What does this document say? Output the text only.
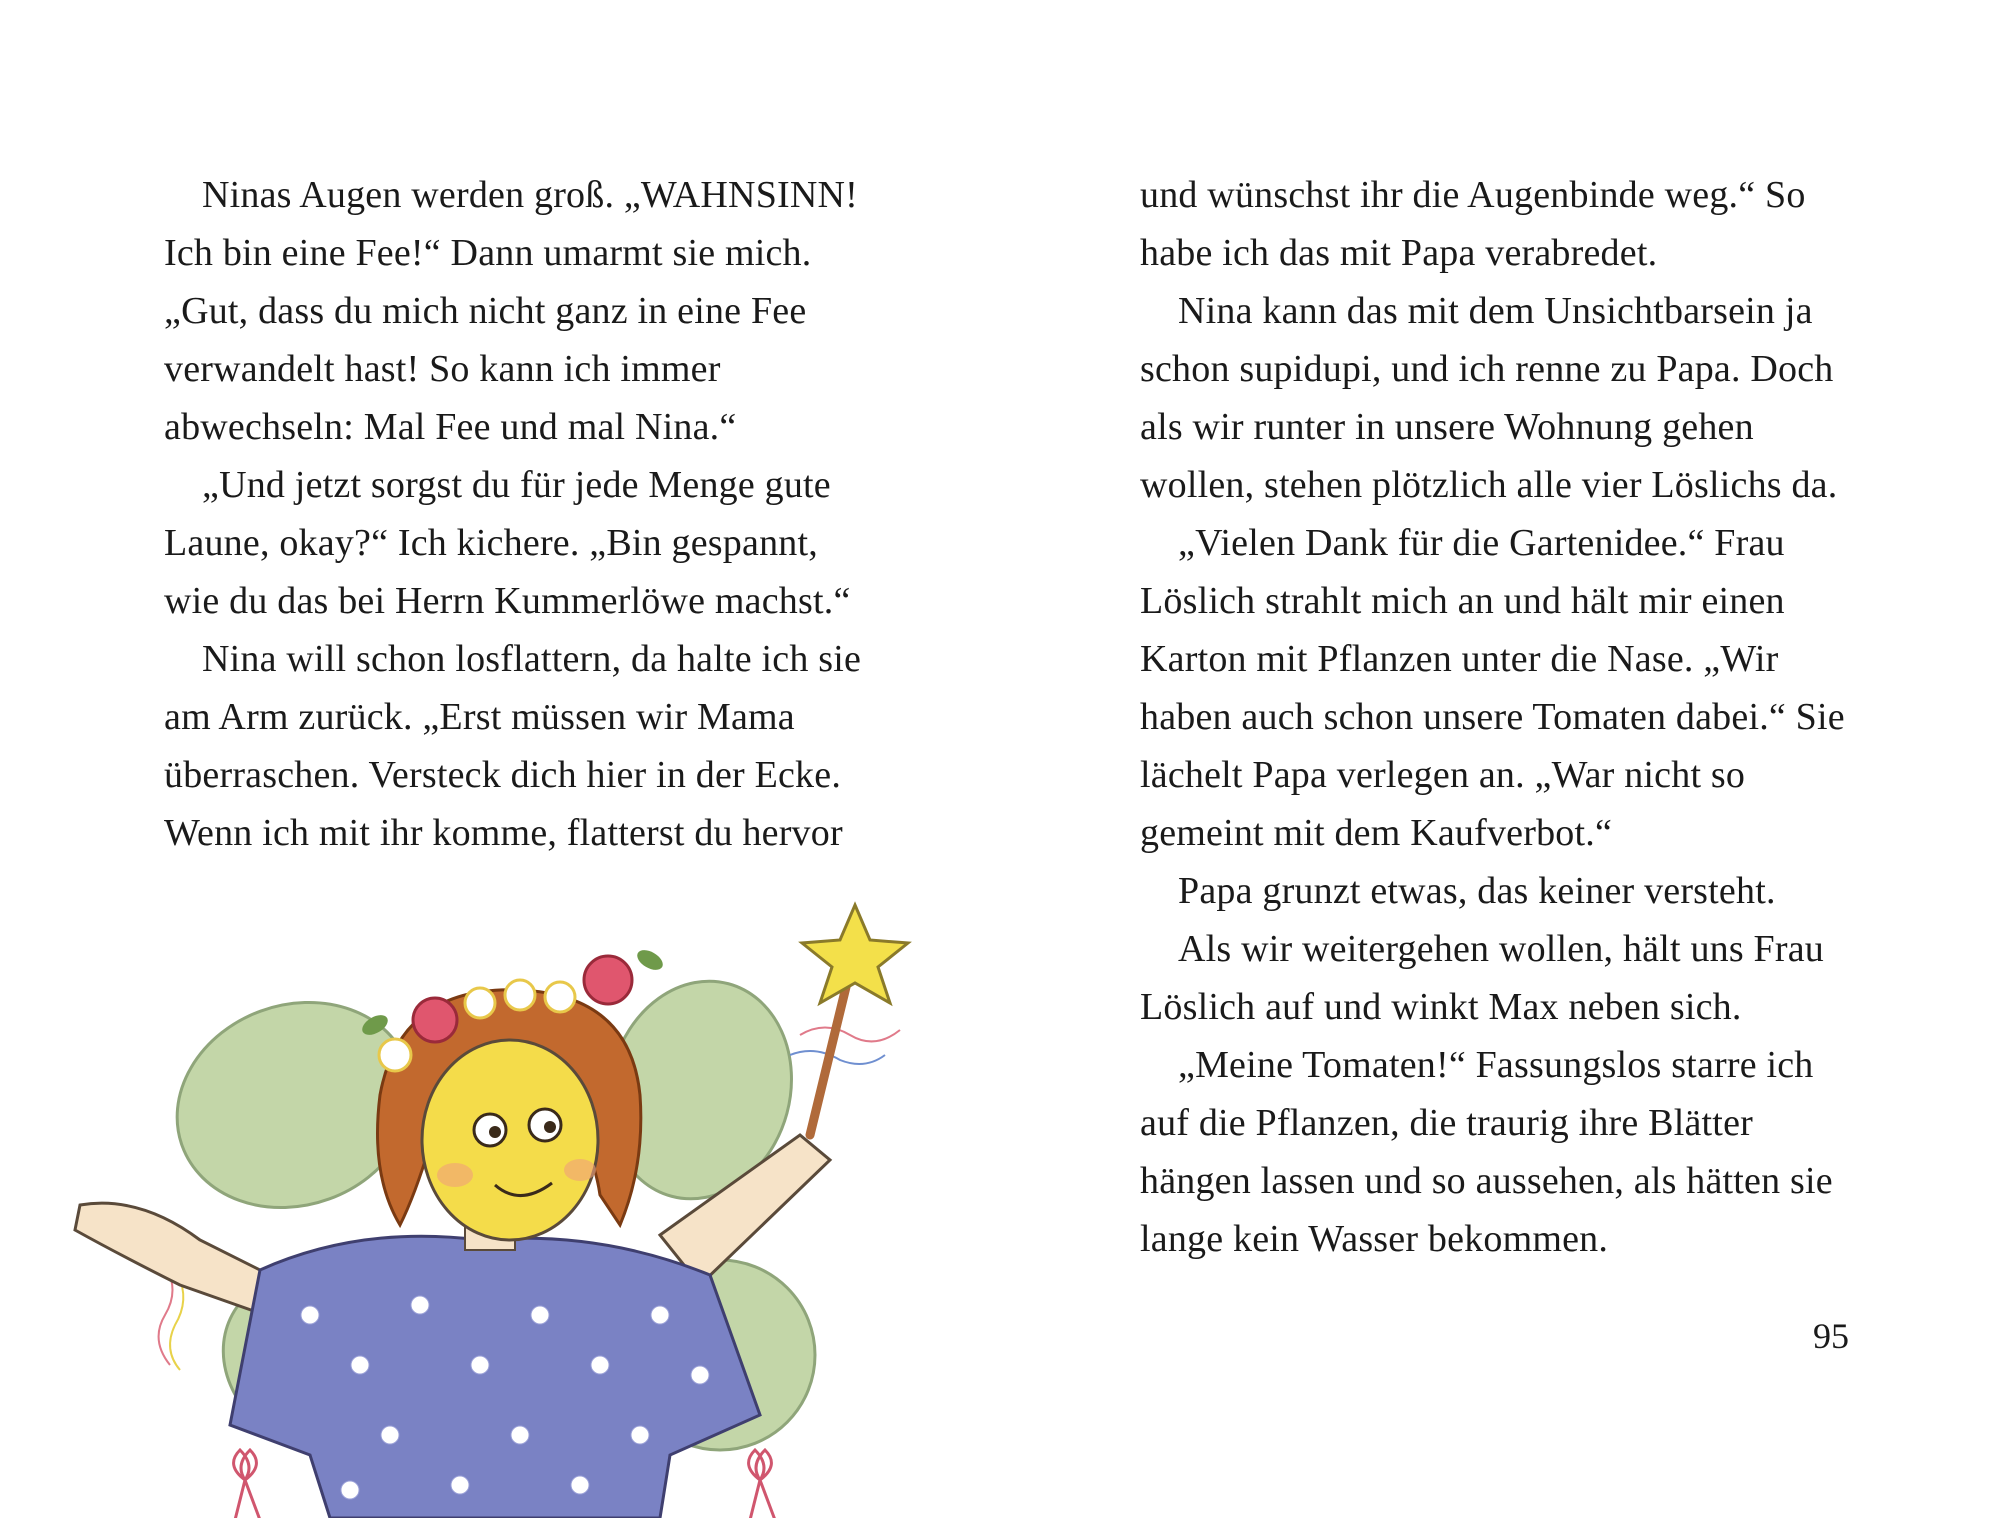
Ninas Augen werden groß. „WAHNSINN!

Ich bin eine Fee!“ Dann umarmt sie mich.

„Gut, dass du mich nicht ganz in eine Fee

verwandelt hast! So kann ich immer

abwechseln: Mal Fee und mal Nina.“

„Und jetzt sorgst du für jede Menge gute

Laune, okay?“ Ich kichere. „Bin gespannt,

wie du das bei Herrn Kummerlöwe machst.“

Nina will schon losflattern, da halte ich sie

am Arm zurück. „Erst müssen wir Mama

überraschen. Versteck dich hier in der Ecke.

Wenn ich mit ihr komme, flatterst du hervor

und wünschst ihr die Augenbinde weg.“ So

habe ich das mit Papa verabredet.

Nina kann das mit dem Unsichtbarsein ja

schon supidupi, und ich renne zu Papa. Doch

als wir runter in unsere Wohnung gehen

wollen, stehen plötzlich alle vier Löslichs da.

„Vielen Dank für die Gartenidee.“ Frau

Löslich strahlt mich an und hält mir einen

Karton mit Pflanzen unter die Nase. „Wir

haben auch schon unsere Tomaten dabei.“ Sie

lächelt Papa verlegen an. „War nicht so

gemeint mit dem Kaufverbot.“

Papa grunzt etwas, das keiner versteht.

Als wir weitergehen wollen, hält uns Frau

Löslich auf und winkt Max neben sich.

„Meine Tomaten!“ Fassungslos starre ich

auf die Pflanzen, die traurig ihre Blätter

hängen lassen und so aussehen, als hätten sie

lange kein Wasser bekommen.

95
